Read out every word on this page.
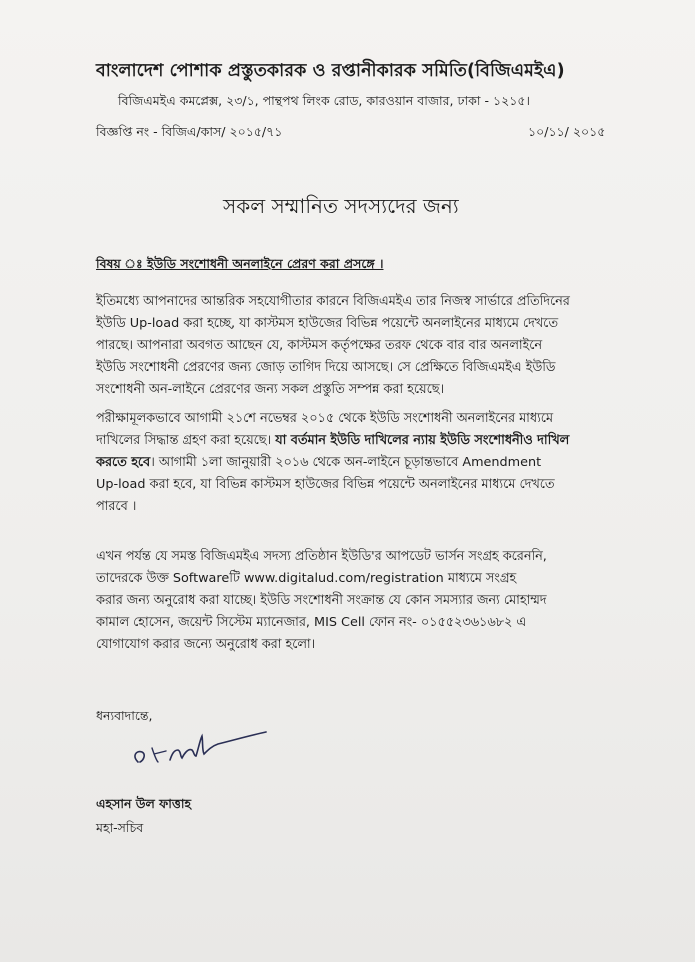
বাংলাদেশ পোশাক প্রস্তুতকারক ও রপ্তানীকারক সমিতি(বিজিএমইএ)
বিজিএমইএ কমপ্লেক্স, ২৩/১, পান্থপথ লিংক রোড, কারওয়ান বাজার, ঢাকা - ১২১৫।
বিজ্ঞপ্তি নং - বিজিএ/কাস/ ২০১৫/৭১	১০/১১/ ২০১৫
সকল সম্মানিত সদস্যদের জন্য
বিষয় ঃ ইউডি সংশোধনী অনলাইনে প্রেরণ করা প্রসঙ্গে ।
ইতিমধ্যে আপনাদের আন্তরিক সহযোগীতার কারনে বিজিএমইএ তার নিজস্ব সার্ভারে প্রতিদিনের
ইউডি Up-load করা হচ্ছে, যা কাস্টমস হাউজের বিভিন্ন পয়েন্টে অনলাইনের মাধ্যমে দেখতে
পারছে। আপনারা অবগত আছেন যে, কাস্টমস কর্তৃপক্ষের তরফ থেকে বার বার অনলাইনে
ইউডি সংশোধনী প্রেরণের জন্য জোড় তাগিদ দিয়ে আসছে। সে প্রেক্ষিতে বিজিএমইএ ইউডি
সংশোধনী অন-লাইনে প্রেরণের জন্য সকল প্রস্তুতি সম্পন্ন করা হয়েছে।
পরীক্ষামূলকভাবে আগামী ২১শে নভেম্বর ২০১৫ থেকে ইউডি সংশোধনী অনলাইনের মাধ্যমে
দাখিলের সিদ্ধান্ত গ্রহণ করা হয়েছে। যা বর্তমান ইউডি দাখিলের ন্যায় ইউডি সংশোধনীও দাখিল
করতে হবে। আগামী ১লা জানুয়ারী ২০১৬ থেকে অন-লাইনে চূড়ান্তভাবে Amendment
Up-load করা হবে, যা বিভিন্ন কাস্টমস হাউজের বিভিন্ন পয়েন্টে অনলাইনের মাধ্যমে দেখতে
পারবে ।
এখন পর্যন্ত যে সমস্ত বিজিএমইএ সদস্য প্রতিষ্ঠান ইউডি'র আপডেট ভার্সন সংগ্রহ করেননি,
তাদেরকে উক্ত Softwareটি www.digitalud.com/registration মাধ্যমে সংগ্রহ
করার জন্য অনুরোধ করা যাচ্ছে। ইউডি সংশোধনী সংক্রান্ত যে কোন সমস্যার জন্য মোহাম্মদ
কামাল হোসেন, জয়েন্ট সিস্টেম ম্যানেজার, MIS Cell ফোন নং- ০১৫৫২৩৬১৬৮২ এ
যোগাযোগ করার জন্যে অনুরোধ করা হলো।
ধন্যবাদান্তে,
এহসান উল ফাত্তাহ
মহা-সচিব
